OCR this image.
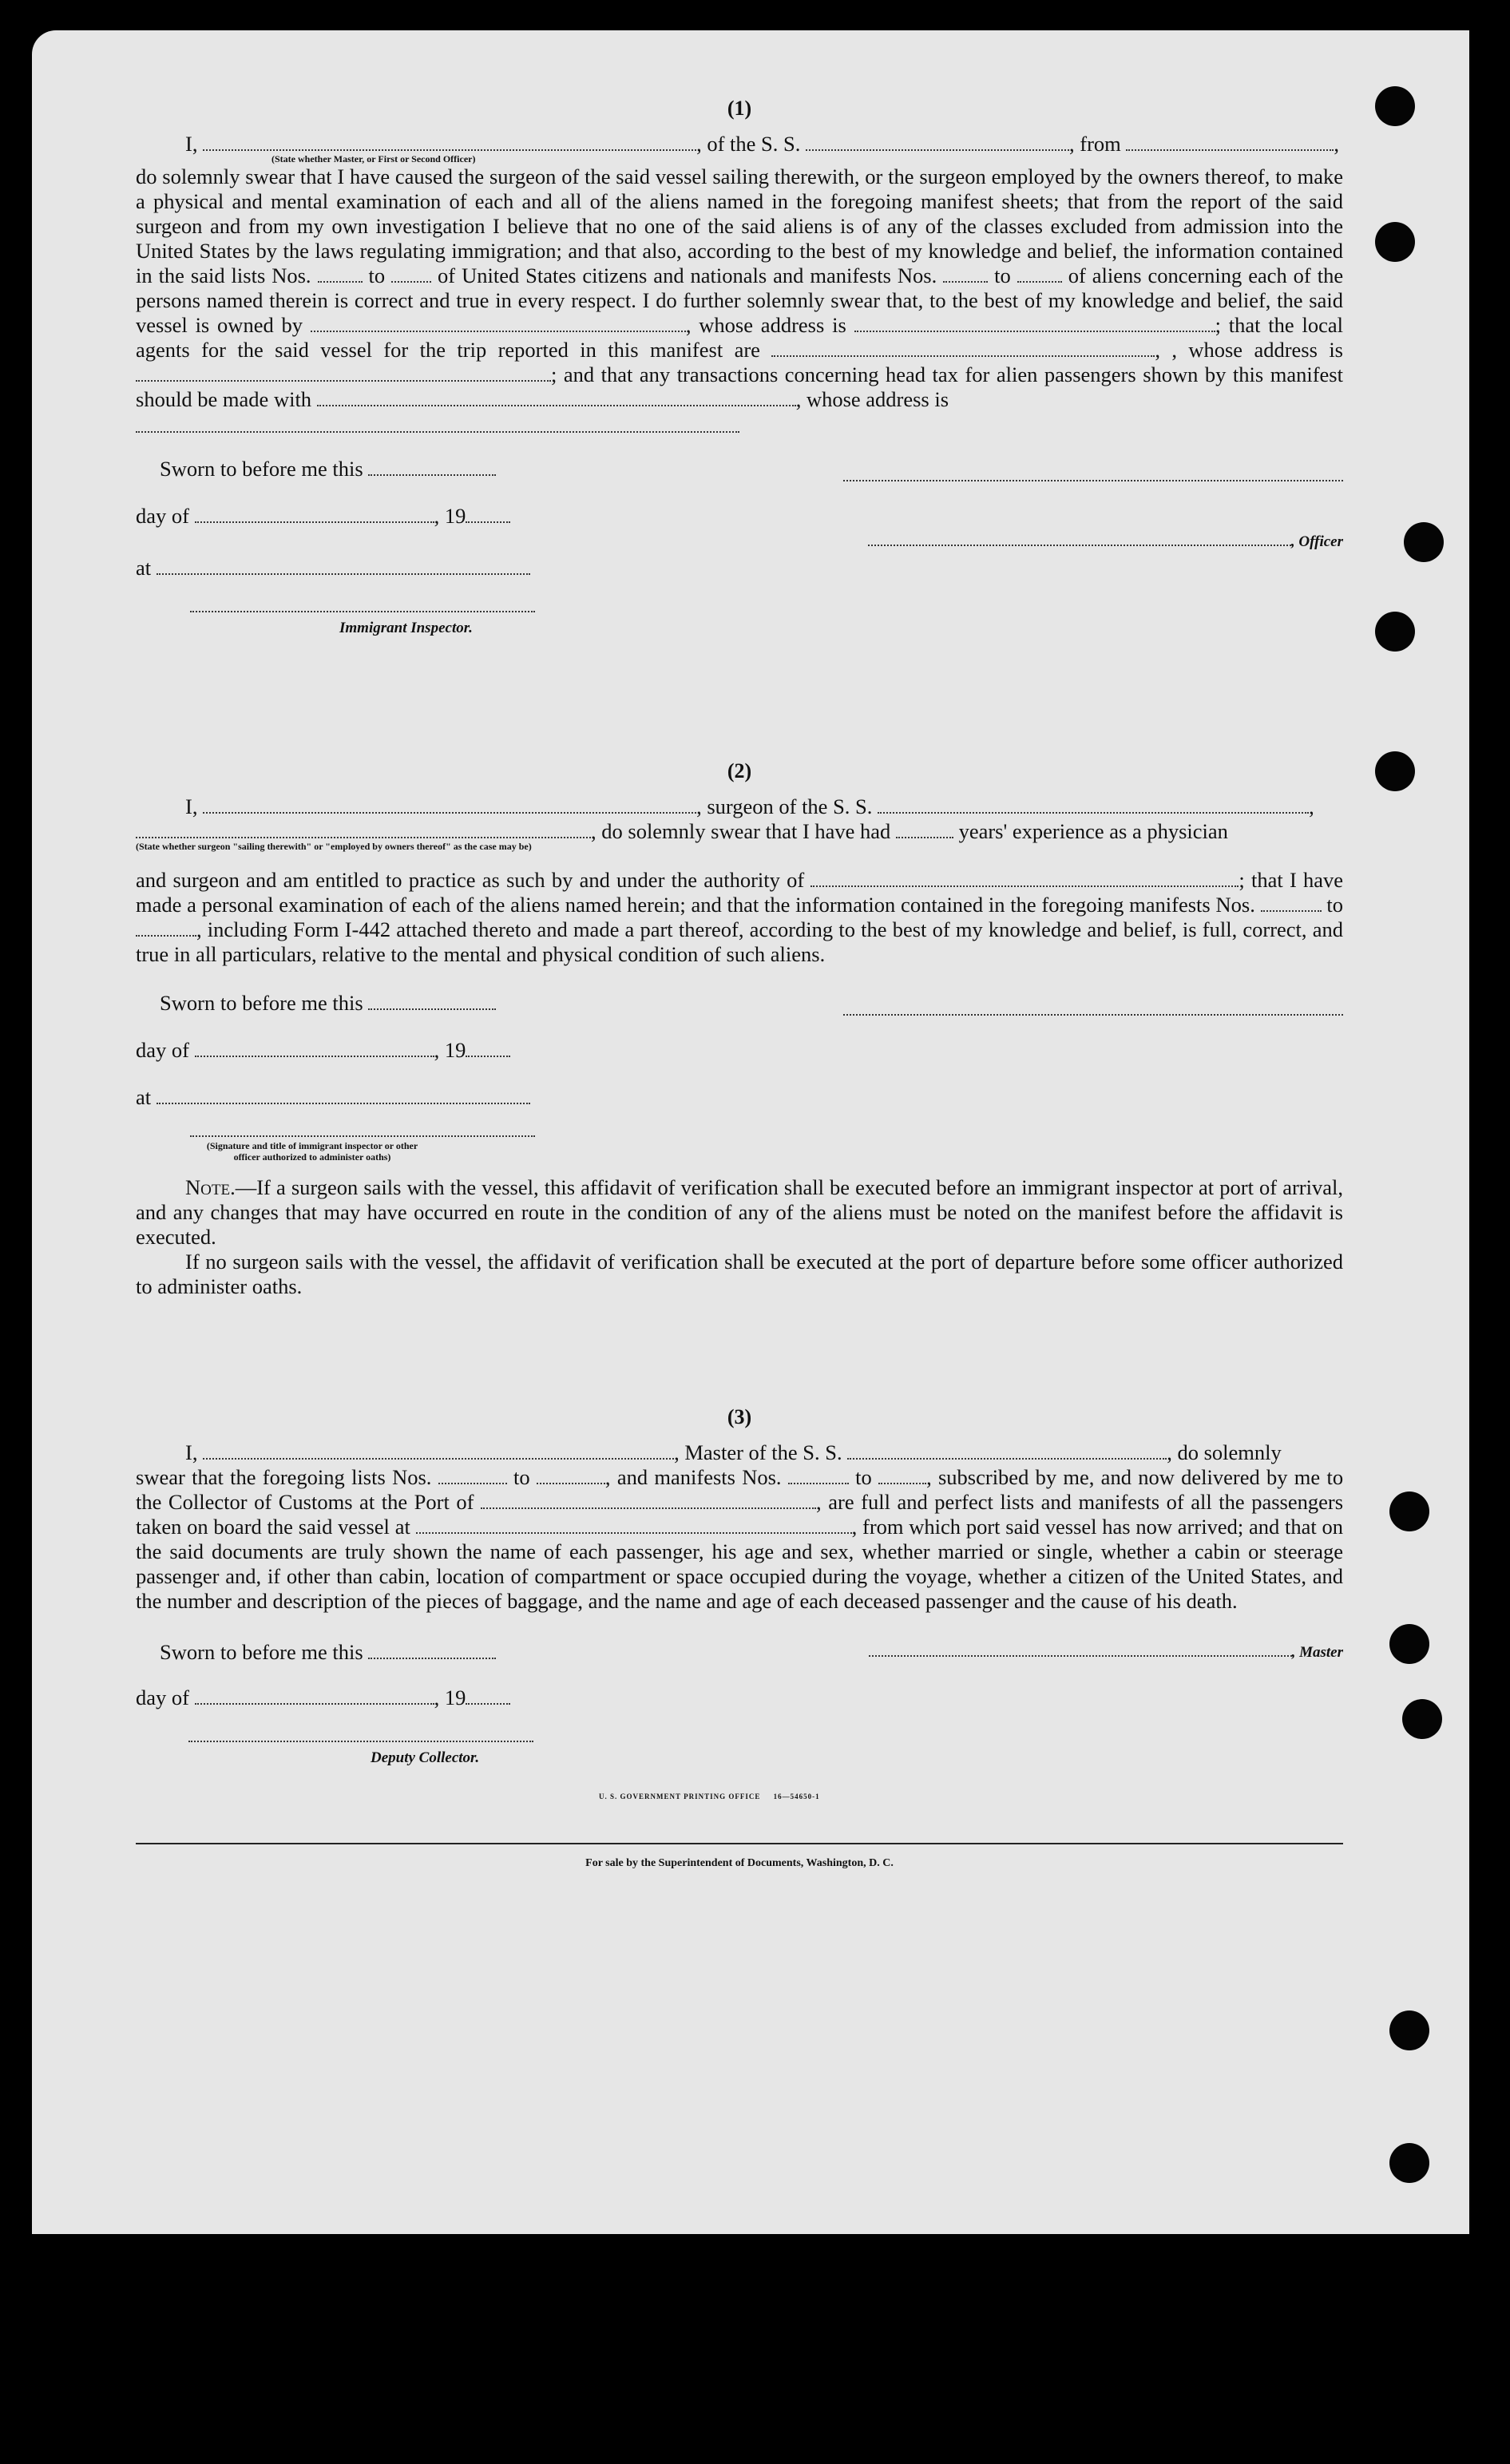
(1)
I,	, of the S. S.	, from	,
(State whether Master, or First or Second Officer)

do solemnly swear that I have caused the surgeon of the said vessel sailing therewith, or the surgeon employed by the owners thereof, to make a physical and mental examination of each and all of the aliens named in the foregoing manifest sheets; that from the report of the said surgeon and from my own investigation I believe that no one of the said aliens is of any of the classes excluded from admission into the United States by the laws regulating immigration; and that also, according to the best of my knowledge and belief, the information contained in the said lists Nos.	to of United States citizens and nationals and manifests Nos.	to	of aliens concerning each of the persons named therein is correct and true in every respect. I do further solemnly swear that, to the best of my knowledge and belief, the said vessel is owned by	, whose address is	; that the local agents for the said vessel for the trip reported in this manifest are	, , whose address is ; and that any transactions concerning head tax for alien passengers shown by this manifest should be made with	, whose address is

Sworn to before me this
day of	, 19
, Officer
at
Immigrant Inspector.
(2)
I,	, surgeon of the S. S.	,
, do solemnly swear that I have had	years' experience as a physician
(State whether surgeon "sailing therewith" or "employed by owners thereof" as the case may be)

and surgeon and am entitled to practice as such by and under the authority of	; that I have made a personal examination of each of the aliens named herein; and that the information contained in the foregoing manifests Nos.	to , including Form I-442 attached thereto and made a part thereof, according to the best of my knowledge and belief, is full, correct, and true in all particulars, relative to the mental and physical condition of such aliens.

Sworn to before me this
day of	, 19
at
(Signature and title of immigrant inspector or other officer authorized to administer oaths)

Note.—If a surgeon sails with the vessel, this affidavit of verification shall be executed before an immigrant inspector at port of arrival, and any changes that may have occurred en route in the condition of any of the aliens must be noted on the manifest before the affidavit is executed.

If no surgeon sails with the vessel, the affidavit of verification shall be executed at the port of departure before some officer authorized to administer oaths.

(3)
I,	, Master of the S. S.	, do solemnly

swear that the foregoing lists Nos.	to	, and manifests Nos.	to	, subscribed by me, and now delivered by me to the Collector of Customs at the Port of	, are full and perfect lists and manifests of all the passengers taken on board the said vessel at	, from which port said vessel has now arrived; and that on the said documents are truly shown the name of each passenger, his age and sex, whether married or single, whether a cabin or steerage passenger and, if other than cabin, location of compartment or space occupied during the voyage, whether a citizen of the United States, and the number and description of the pieces of baggage, and the name and age of each deceased passenger and the cause of his death.

Sworn to before me this	, Master
day of	, 19
Deputy Collector.
U. S. GOVERNMENT PRINTING OFFICE     16—54650-1
For sale by the Superintendent of Documents, Washington, D. C.
